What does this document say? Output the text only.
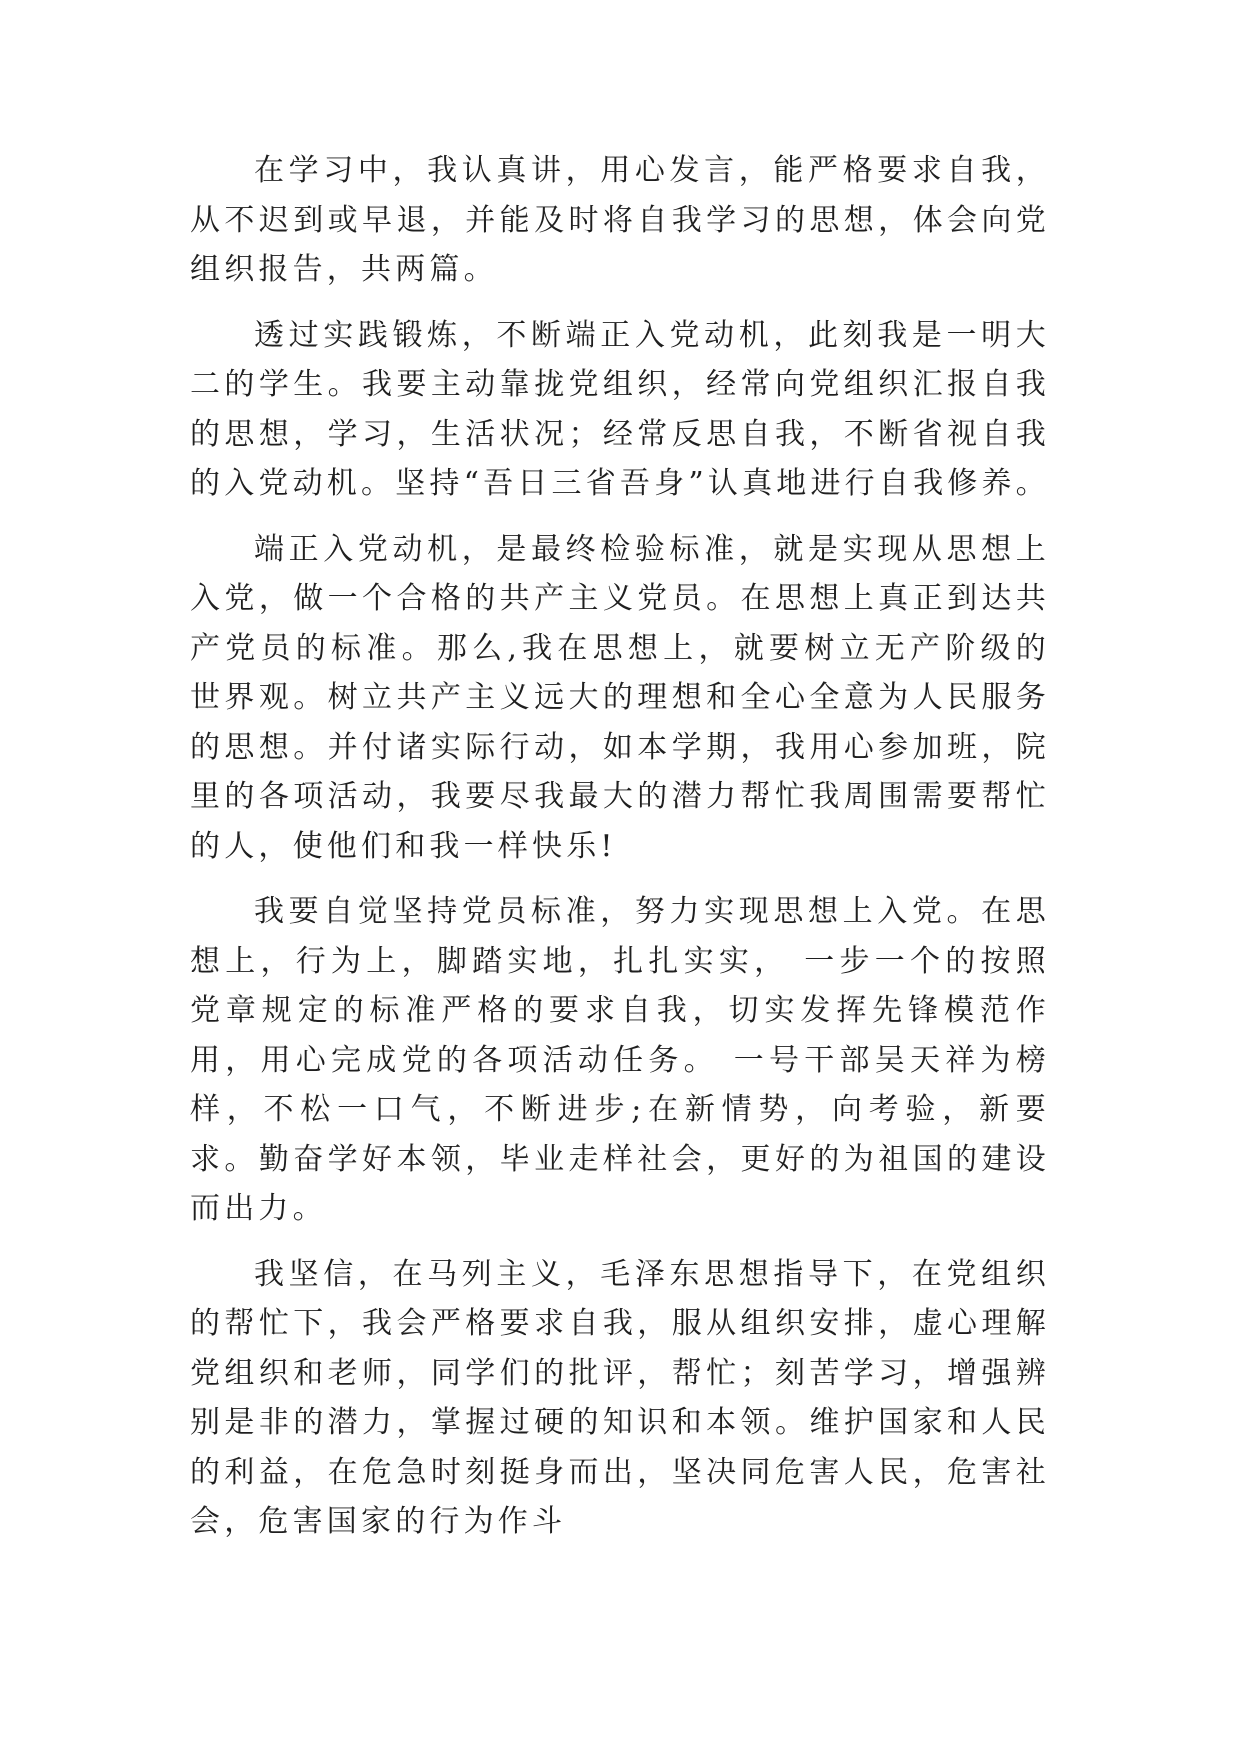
在学习中，我认真讲，用心发言，能严格要求自我，从不迟到或早退，并能及时将自我学习的思想，体会向党组织报告，共两篇。

透过实践锻炼，不断端正入党动机，此刻我是一明大二的学生。我要主动靠拢党组织，经常向党组织汇报自我的思想，学习，生活状况；经常反思自我，不断省视自我的入党动机。坚持“吾日三省吾身”认真地进行自我修养。

端正入党动机，是最终检验标准，就是实现从思想上入党，做一个合格的共产主义党员。在思想上真正到达共产党员的标准。那么,我在思想上，就要树立无产阶级的世界观。树立共产主义远大的理想和全心全意为人民服务的思想。并付诸实际行动，如本学期，我用心参加班，院里的各项活动，我要尽我最大的潜力帮忙我周围需要帮忙的人，使他们和我一样快乐!

我要自觉坚持党员标准，努力实现思想上入党。在思想上，行为上，脚踏实地，扎扎实实， 一步一个的按照党章规定的标准严格的要求自我，切实发挥先锋模范作用，用心完成党的各项活动任务。 一号干部吴天祥为榜样，不松一口气，不断进步;在新情势，向考验，新要求。勤奋学好本领，毕业走样社会，更好的为祖国的建设而出力。

我坚信，在马列主义，毛泽东思想指导下，在党组织的帮忙下，我会严格要求自我，服从组织安排，虚心理解党组织和老师，同学们的批评，帮忙；刻苦学习，增强辨别是非的潜力，掌握过硬的知识和本领。维护国家和人民的利益，在危急时刻挺身而出，坚决同危害人民，危害社会，危害国家的行为作斗
